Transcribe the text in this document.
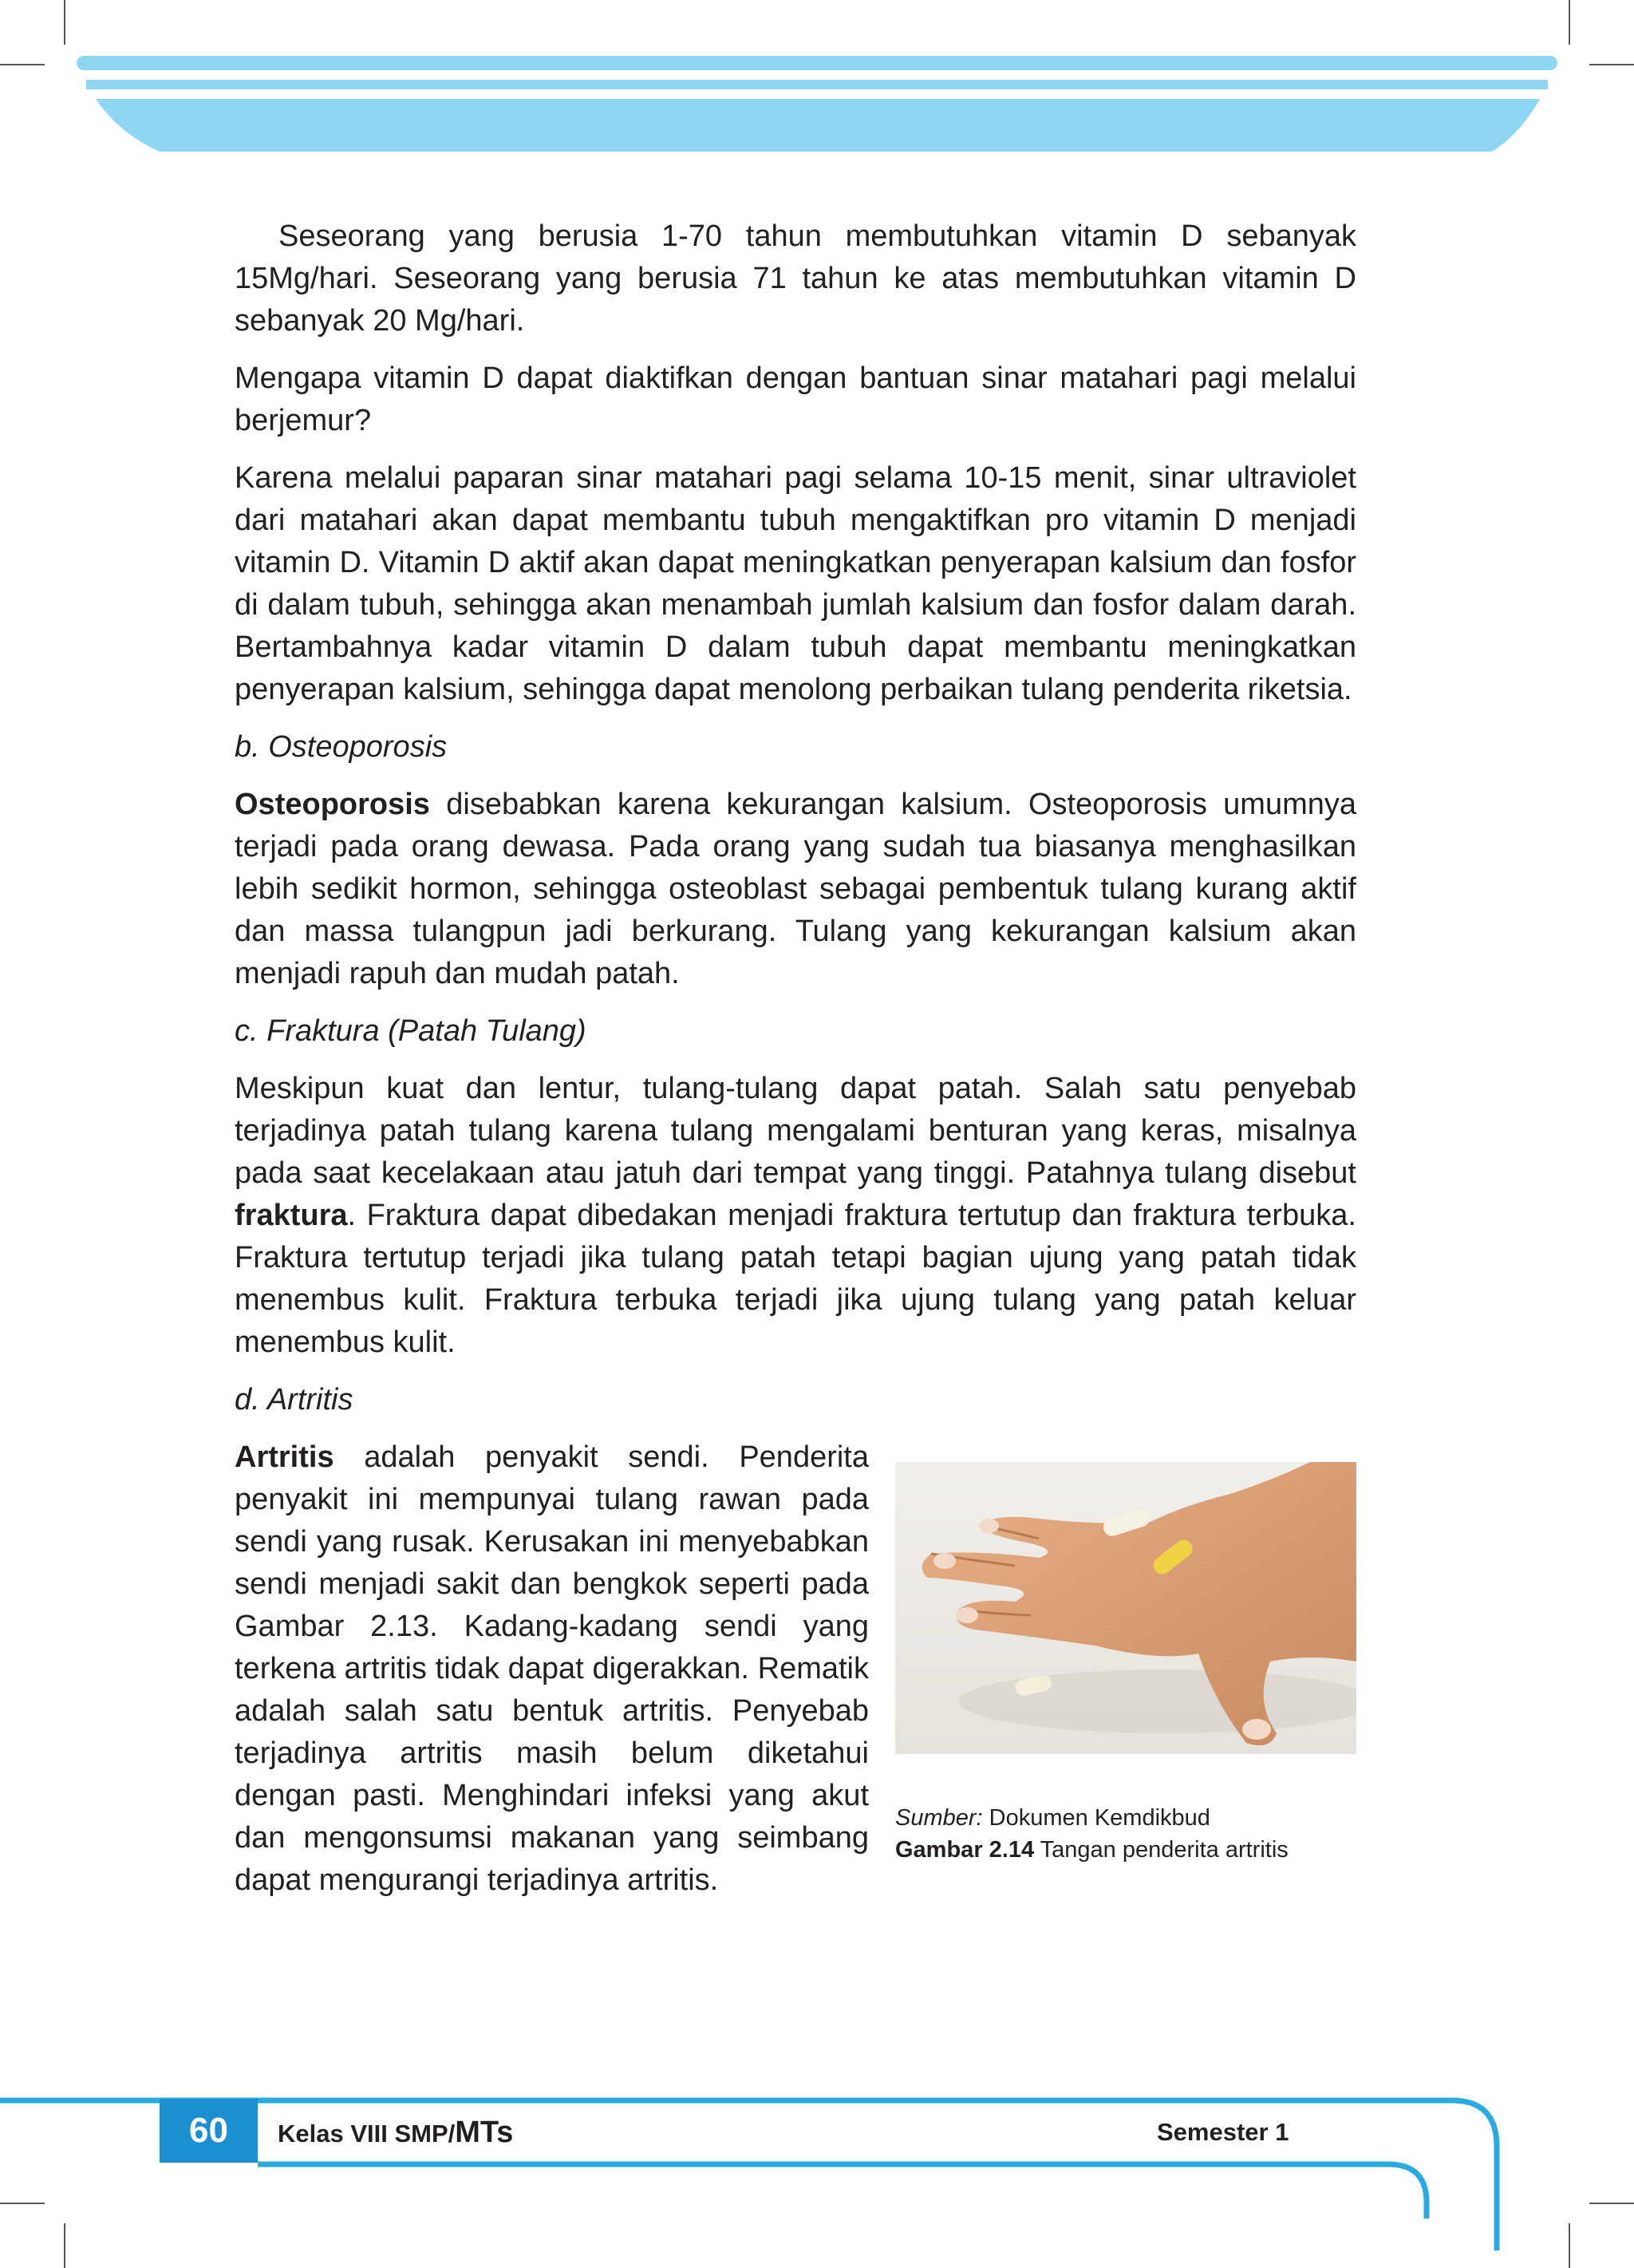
Seseorang yang berusia 1-70 tahun membutuhkan vitamin D sebanyak 15Mg/hari. Seseorang yang berusia 71 tahun ke atas membutuhkan vitamin D sebanyak 20 Mg/hari.

Mengapa vitamin D dapat diaktifkan dengan bantuan sinar matahari pagi melalui berjemur?

Karena melalui paparan sinar matahari pagi selama 10-15 menit, sinar ultraviolet dari matahari akan dapat membantu tubuh mengaktifkan pro vitamin D menjadi vitamin D. Vitamin D aktif akan dapat meningkatkan penyerapan kalsium dan fosfor di dalam tubuh, sehingga akan menambah jumlah kalsium dan fosfor dalam darah. Bertambahnya kadar vitamin D dalam tubuh dapat membantu meningkatkan penyerapan kalsium, sehingga dapat menolong perbaikan tulang penderita riketsia.

b. Osteoporosis

Osteoporosis disebabkan karena kekurangan kalsium. Osteoporosis umumnya terjadi pada orang dewasa. Pada orang yang sudah tua biasanya menghasilkan lebih sedikit hormon, sehingga osteoblast sebagai pembentuk tulang kurang aktif dan massa tulangpun jadi berkurang. Tulang yang kekurangan kalsium akan menjadi rapuh dan mudah patah.

c. Fraktura (Patah Tulang)

Meskipun kuat dan lentur, tulang-tulang dapat patah. Salah satu penyebab terjadinya patah tulang karena tulang mengalami benturan yang keras, misalnya pada saat kecelakaan atau jatuh dari tempat yang tinggi. Patahnya tulang disebut fraktura. Fraktura dapat dibedakan menjadi fraktura tertutup dan fraktura terbuka. Fraktura tertutup terjadi jika tulang patah tetapi bagian ujung yang patah tidak menembus kulit. Fraktura terbuka terjadi jika ujung tulang yang patah keluar menembus kulit.

d. Artritis

Artritis adalah penyakit sendi. Penderita penyakit ini mempunyai tulang rawan pada sendi yang rusak. Kerusakan ini menyebabkan sendi menjadi sakit dan bengkok seperti pada Gambar 2.13. Kadang-kadang sendi yang terkena artritis tidak dapat digerakkan. Rematik adalah salah satu bentuk artritis. Penyebab terjadinya artritis masih belum diketahui dengan pasti. Menghindari infeksi yang akut dan mengonsumsi makanan yang seimbang dapat mengurangi terjadinya artritis.

Sumber: Dokumen Kemdikbud
Gambar 2.14 Tangan penderita artritis
60	Kelas VIII SMP/MTs	Semester 1
